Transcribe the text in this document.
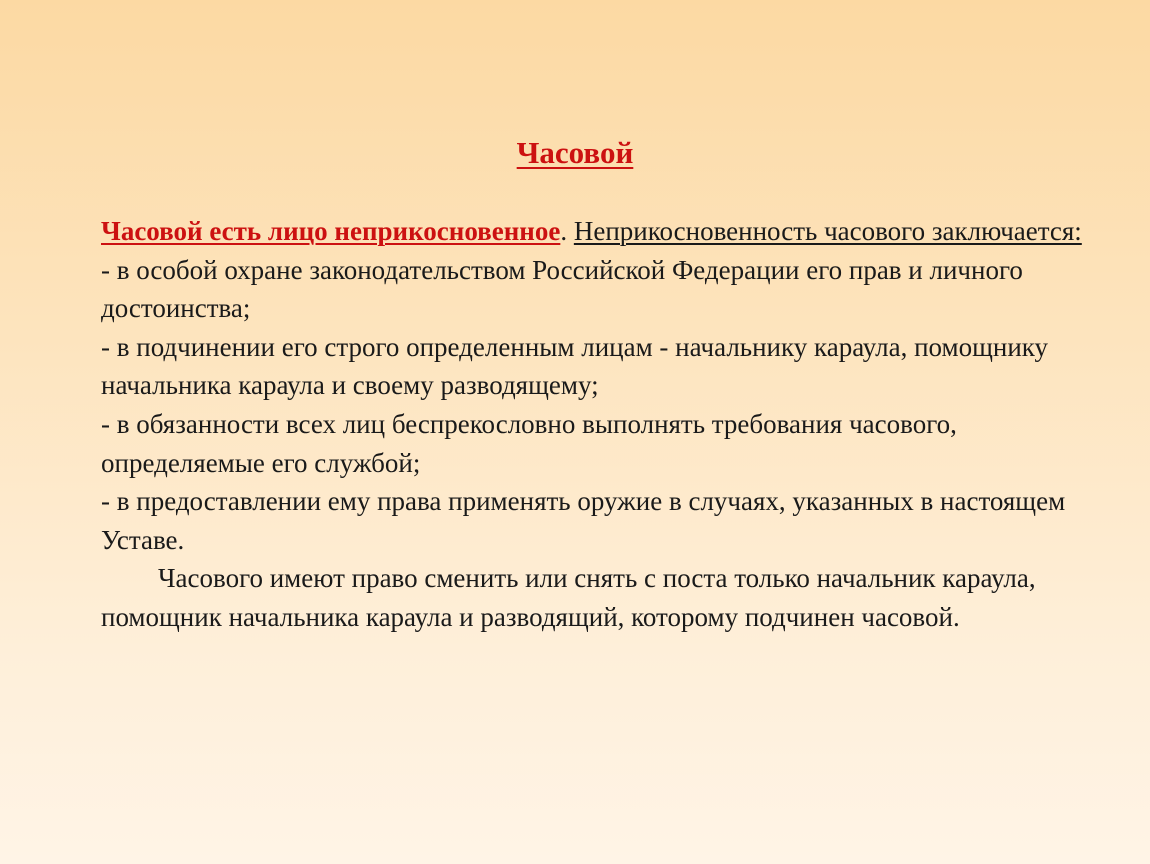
Часовой

Часовой есть лицо неприкосновенное. Неприкосновенность часового заключается:

- в особой охране законодательством Российской Федерации его прав и личного достоинства;

- в подчинении его строго определенным лицам - начальнику караула, помощнику начальника караула и своему разводящему;

- в обязанности всех лиц беспрекословно выполнять требования часового, определяемые его службой;

- в предоставлении ему права применять оружие в случаях, указанных в настоящем Уставе.

Часового имеют право сменить или снять с поста только начальник караула, помощник начальника караула и разводящий, которому подчинен часовой.
